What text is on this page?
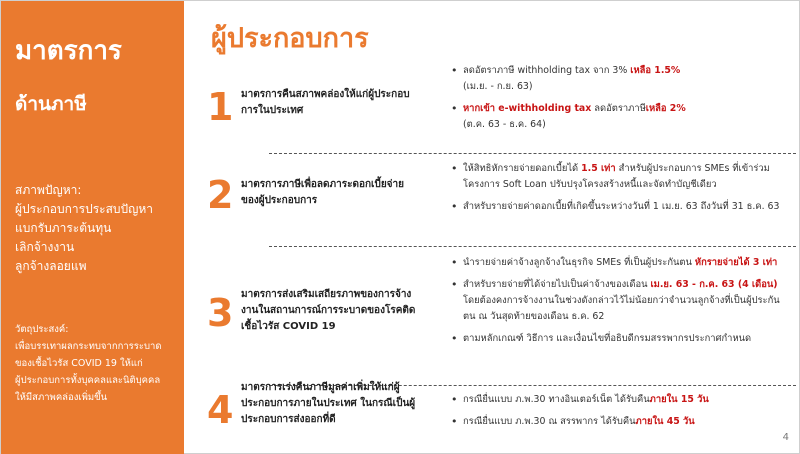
มาตรการ
ด้านภาษี
สภาพปัญหา:
ผู้ประกอบการประสบปัญหา
แบกรับภาระต้นทุน
เลิกจ้างงาน
ลูกจ้างลอยแพ
วัตถุประสงค์:
เพื่อบรรเทาผลกระทบจากการระบาด
ของเชื้อไวรัส COVID 19 ให้แก่
ผู้ประกอบการทั้งบุคคลและนิติบุคคล
ให้มีสภาพคล่องเพิ่มขึ้น
ผู้ประกอบการ
1 มาตรการคืนสภาพคล่องให้แก่ผู้ประกอบการในประเทศ
• ลดอัตราภาษี withholding tax จาก 3% เหลือ 1.5%
(เม.ย. - ก.ย. 63)
• หากเข้า e-withholding tax ลดอัตราภาษีเหลือ 2%
(ต.ค. 63 - ธ.ค. 64)
2 มาตรการภาษีเพื่อลดภาระดอกเบี้ยจ่ายของผู้ประกอบการ
• ให้สิทธิหักรายจ่ายดอกเบี้ยได้ 1.5 เท่า สำหรับผู้ประกอบการ SMEs ที่เข้าร่วมโครงการ Soft Loan ปรับปรุงโครงสร้างหนี้และจัดทำบัญชีเดียว
• สำหรับรายจ่ายค่าดอกเบี้ยที่เกิดขึ้นระหว่างวันที่ 1 เม.ย. 63 ถึงวันที่ 31 ธ.ค. 63
3 มาตรการส่งเสริมเสถียรภาพของการจ้างงานในสถานการณ์การระบาดของโรคติดเชื้อไวรัส COVID 19
• นำรายจ่ายค่าจ้างลูกจ้างในธุรกิจ SMEs ที่เป็นผู้ประกันตน หักรายจ่ายได้ 3 เท่า
• สำหรับรายจ่ายที่ได้จ่ายไปเป็นค่าจ้างของเดือน เม.ย. 63 - ก.ค. 63 (4 เดือน) โดยต้องคงการจ้างงานในช่วงดังกล่าวไว้ไม่น้อยกว่าจำนวนลูกจ้างที่เป็นผู้ประกันตน ณ วันสุดท้ายของเดือน ธ.ค. 62
• ตามหลักเกณฑ์ วิธีการ และเงื่อนไขที่อธิบดีกรมสรรพากรประกาศกำหนด
4
มาตรการเร่งคืนภาษีมูลค่าเพิ่มให้แก่ผู้ประกอบการภายในประเทศ ในกรณีเป็นผู้ประกอบการส่งออกที่ดี
• กรณียื่นแบบ ภ.พ.30 ทางอินเตอร์เน็ต ได้รับคืนภายใน 15 วัน
• กรณียื่นแบบ ภ.พ.30 ณ สรรพากร ได้รับคืนภายใน 45 วัน
4
